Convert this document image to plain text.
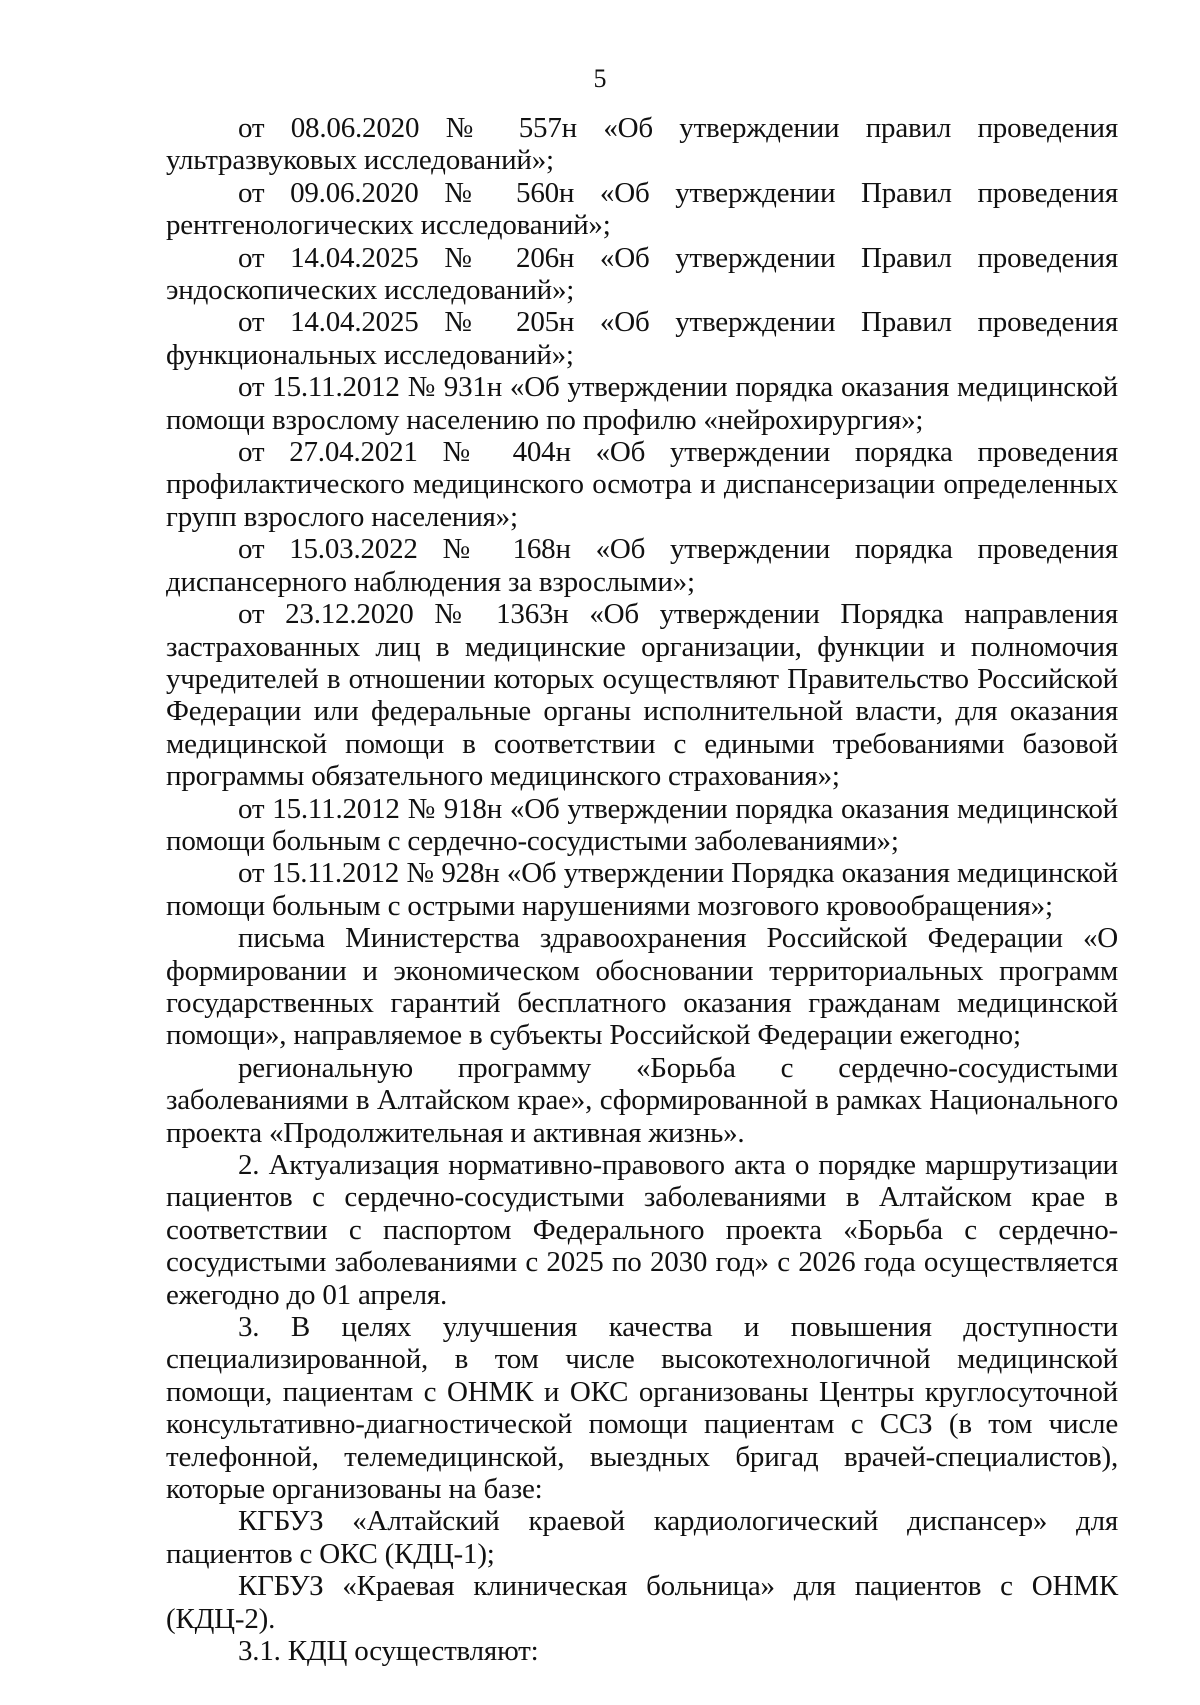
5

от 08.06.2020 № 557н «Об утверждении правил проведения ультразвуковых исследований»;

от 09.06.2020 № 560н «Об утверждении Правил проведения рентгенологических исследований»;

от 14.04.2025 № 206н «Об утверждении Правил проведения эндоскопических исследований»;

от 14.04.2025 № 205н «Об утверждении Правил проведения функциональных исследований»;

от 15.11.2012 № 931н «Об утверждении порядка оказания медицинской помощи взрослому населению по профилю «нейрохирургия»;

от 27.04.2021 № 404н «Об утверждении порядка проведения профилактического медицинского осмотра и диспансеризации определенных групп взрослого населения»;

от 15.03.2022 № 168н «Об утверждении порядка проведения диспансерного наблюдения за взрослыми»;

от 23.12.2020 № 1363н «Об утверждении Порядка направления застрахованных лиц в медицинские организации, функции и полномочия учредителей в отношении которых осуществляют Правительство Российской Федерации или федеральные органы исполнительной власти, для оказания медицинской помощи в соответствии с едиными требованиями базовой программы обязательного медицинского страхования»;

от 15.11.2012 № 918н «Об утверждении порядка оказания медицинской помощи больным с сердечно-сосудистыми заболеваниями»;

от 15.11.2012 № 928н «Об утверждении Порядка оказания медицинской помощи больным с острыми нарушениями мозгового кровообращения»;

письма Министерства здравоохранения Российской Федерации «О формировании и экономическом обосновании территориальных программ государственных гарантий бесплатного оказания гражданам медицинской помощи», направляемое в субъекты Российской Федерации ежегодно;

региональную программу «Борьба с сердечно-сосудистыми заболеваниями в Алтайском крае», сформированной в рамках Национального проекта «Продолжительная и активная жизнь».

2. Актуализация нормативно-правового акта о порядке маршрутизации пациентов с сердечно-сосудистыми заболеваниями в Алтайском крае в соответствии с паспортом Федерального проекта «Борьба с сердечно-сосудистыми заболеваниями с 2025 по 2030 год» с 2026 года осуществляется ежегодно до 01 апреля.

3. В целях улучшения качества и повышения доступности специализированной, в том числе высокотехнологичной медицинской помощи, пациентам с ОНМК и ОКС организованы Центры круглосуточной консультативно-диагностической помощи пациентам с ССЗ (в том числе телефонной, телемедицинской, выездных бригад врачей-специалистов), которые организованы на базе:

КГБУЗ «Алтайский краевой кардиологический диспансер» для пациентов с ОКС (КДЦ-1);

КГБУЗ «Краевая клиническая больница» для пациентов с ОНМК (КДЦ-2).

3.1. КДЦ осуществляют:
